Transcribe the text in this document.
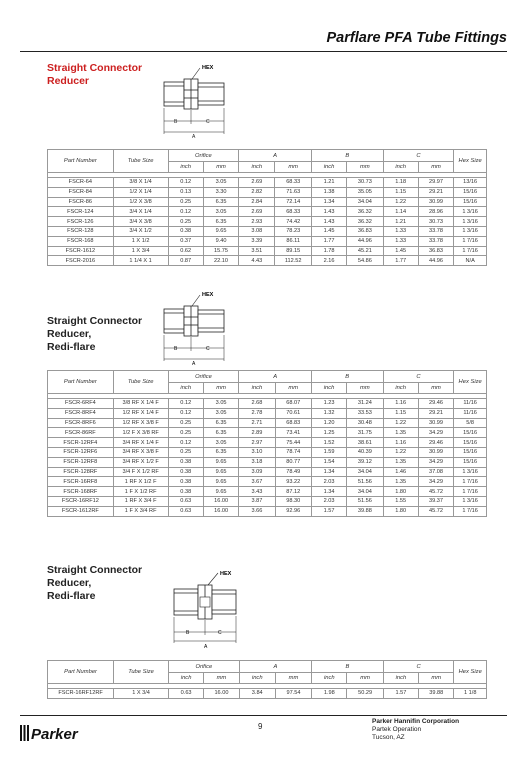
Parflare PFA Tube Fittings
Straight Connector
Reducer
HEX
B	C
A
Part Number	Tube Size	Orifice		A		B		C		Hex Size
		inch	mm	inch	mm	inch	mm	inch	mm	

FSCR-64	3/8 X 1/4	0.12	3.05	2.69	68.33	1.21	30.73	1.18	29.97	13/16
FSCR-84	1/2 X 1/4	0.13	3.30	2.82	71.63	1.38	35.05	1.15	29.21	15/16
FSCR-86	1/2 X 3/8	0.25	6.35	2.84	72.14	1.34	34.04	1.22	30.99	15/16
FSCR-124	3/4 X 1/4	0.12	3.05	2.69	68.33	1.43	36.32	1.14	28.96	1 3/16
FSCR-126	3/4 X 3/8	0.25	6.35	2.93	74.42	1.43	36.32	1.21	30.73	1 3/16
FSCR-128	3/4 X 1/2	0.38	9.65	3.08	78.23	1.45	36.83	1.33	33.78	1 3/16
FSCR-168	1 X 1/2	0.37	9.40	3.39	86.11	1.77	44.96	1.33	33.78	1 7/16
FSCR-1612	1 X 3/4	0.62	15.75	3.51	89.15	1.78	45.21	1.45	36.83	1 7/16
FSCR-2016	1 1/4 X 1	0.87	22.10	4.43	112.52	2.16	54.86	1.77	44.96	N/A
Straight Connector
Reducer,
Redi-flare
HEX
B	C
A
Part Number	Tube Size	Orifice		A		B		C		Hex Size
		inch	mm	inch	mm	inch	mm	inch	mm	

FSCR-6RF4	3/8 RF X 1/4 F	0.12	3.05	2.68	68.07	1.23	31.24	1.16	29.46	11/16
FSCR-8RF4	1/2 RF X 1/4 F	0.12	3.05	2.78	70.61	1.32	33.53	1.15	29.21	11/16
FSCR-8RF6	1/2 RF X 3/8 F	0.25	6.35	2.71	68.83	1.20	30.48	1.22	30.99	5/8
FSCR-86RF	1/2 F X 3/8 RF	0.25	6.35	2.89	73.41	1.25	31.75	1.35	34.29	15/16
FSCR-12RF4	3/4 RF X 1/4 F	0.12	3.05	2.97	75.44	1.52	38.61	1.16	29.46	15/16
FSCR-12RF6	3/4 RF X 3/8 F	0.25	6.35	3.10	78.74	1.59	40.39	1.22	30.99	15/16
FSCR-12RF8	3/4 RF X 1/2 F	0.38	9.65	3.18	80.77	1.54	39.12	1.35	34.29	15/16
FSCR-128RF	3/4 F X 1/2 RF	0.38	9.65	3.09	78.49	1.34	34.04	1.46	37.08	1 3/16
FSCR-16RF8	1 RF X 1/2 F	0.38	9.65	3.67	93.22	2.03	51.56	1.35	34.29	1 7/16
FSCR-168RF	1 F X 1/2 RF	0.38	9.65	3.43	87.12	1.34	34.04	1.80	45.72	1 7/16
FSCR-16RF12	1 RF X 3/4 F	0.63	16.00	3.87	98.30	2.03	51.56	1.55	39.37	1 3/16
FSCR-1612RF	1 F X 3/4 RF	0.63	16.00	3.66	92.96	1.57	39.88	1.80	45.72	1 7/16
Straight Connector
Reducer,
Redi-flare
HEX
B	C
A
Part Number	Tube Size	Orifice		A		B		C		Hex Size
		inch	mm	inch	mm	inch	mm	inch	mm	

FSCR-16RF12RF	1 X 3/4	0.63	16.00	3.84	97.54	1.98	50.29	1.57	39.88	1 1/8
Parker	9
Parker Hannifin Corporation
Partek Operation
Tucson, AZ
